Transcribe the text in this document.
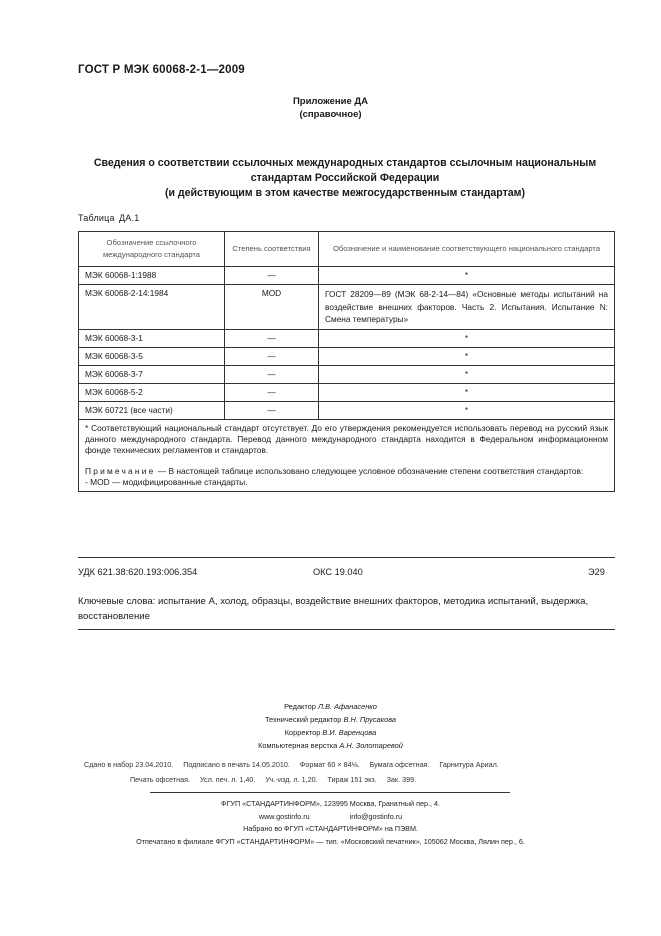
ГОСТ Р МЭК 60068-2-1—2009
Приложение ДА
(справочное)
Сведения о соответствии ссылочных международных стандартов ссылочным национальным
стандартам Российской Федерации
(и действующим в этом качестве межгосударственным стандартам)
Таблица ДА.1
Обозначение ссылочного международного стандарта	Степень соответствия	Обозначение и наименование соответствующего национального стандарта
МЭК 60068-1:1988	—	*
МЭК 60068-2-14:1984	MOD	ГОСТ 28209—89 (МЭК 68-2-14—84) «Основные методы испытаний на воздействие внешних факторов. Часть 2. Испытания. Испытание N: Смена температуры»
МЭК 60068-3-1	—	*
МЭК 60068-3-5	—	*
МЭК 60068-3-7	—	*
МЭК 60068-5-2	—	*
МЭК 60721 (все части)	—	*

* Соответствующий национальный стандарт отсутствует. До его утверждения рекомендуется использовать перевод на русский язык данного международного стандарта. Перевод данного международного стандарта находится в Федеральном информационном фонде технических регламентов и стандартов.

Примечание — В настоящей таблице использовано следующее условное обозначение степени соответствия стандартов:

- MOD — модифицированные стандарты.		

УДК 621.38:620.193:006.354	ОКС 19.040	Э29
Ключевые слова: испытание А, холод, образцы, воздействие внешних факторов, методика испытаний, выдержка, восстановление
Редактор Л.В. Афанасенко
Технический редактор В.Н. Прусакова
Корректор В.И. Варенцова
Компьютерная верстка А.Н. Золотаревой
Сдано в набор 23.04.2010.     Подписано в печать 14.05.2010.     Формат 60 × 84⅛.     Бумага офсетная.     Гарнитура Ариал.
Печать офсетная.     Усл. печ. л. 1,40.     Уч.-изд. л. 1,20.     Тираж 151 экз.     Зак. 399.
ФГУП «СТАНДАРТИНФОРМ», 123995 Москва, Гранатный пер., 4.
www.gostinfo.ru	info@gostinfo.ru
Набрано во ФГУП «СТАНДАРТИНФОРМ» на ПЭВМ.
Отпечатано в филиале ФГУП «СТАНДАРТИНФОРМ» — тип. «Московский печатник», 105062 Москва, Лялин пер., 6.
